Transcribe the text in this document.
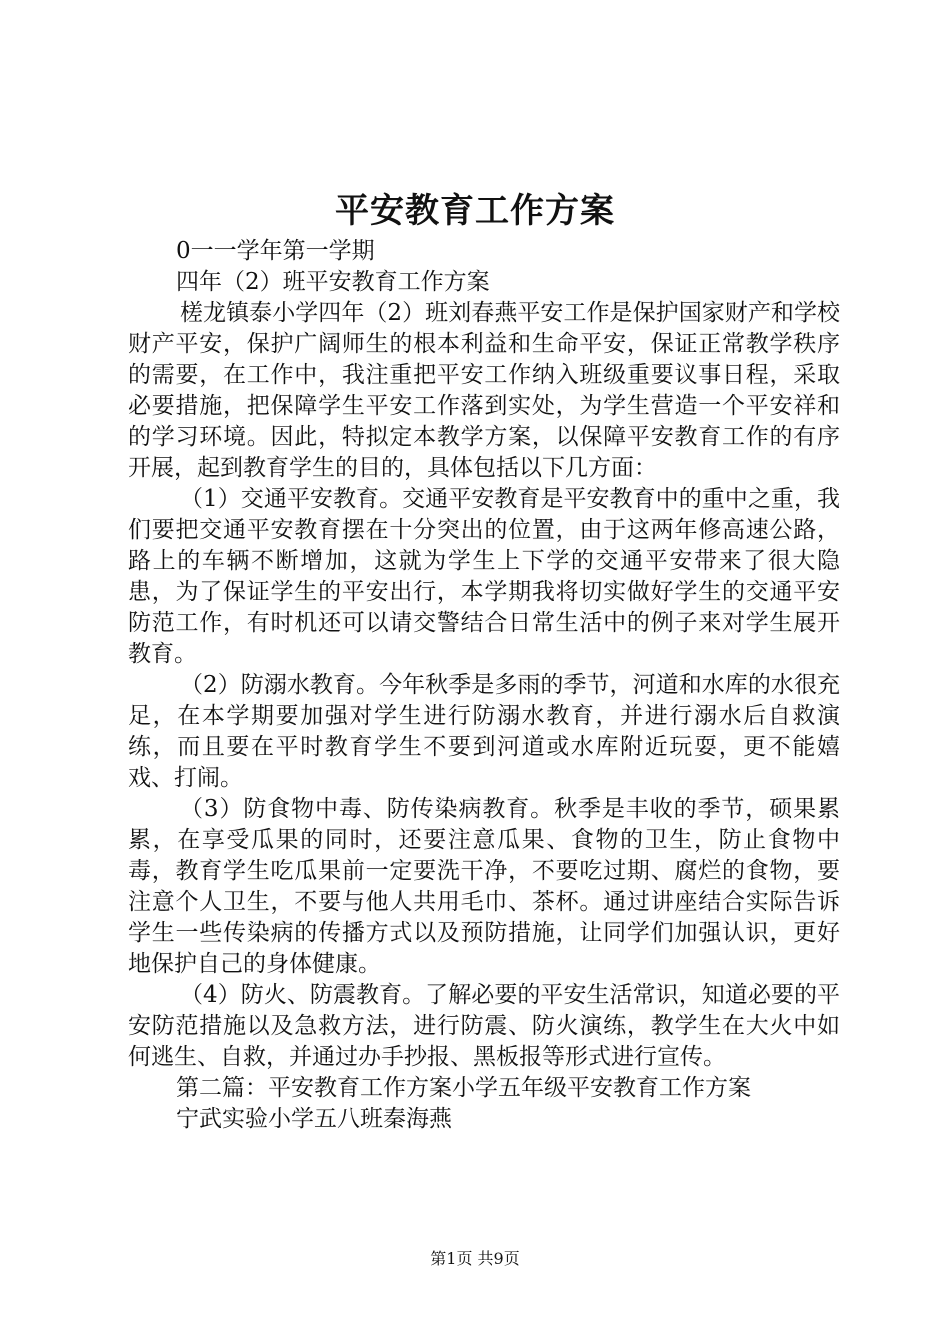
平安教育工作方案

0一一学年第一学期

四年（2）班平安教育工作方案

槎龙镇泰小学四年（2）班刘春燕平安工作是保护国家财产和学校财产平安，保护广阔师生的根本利益和生命平安，保证正常教学秩序的需要，在工作中，我注重把平安工作纳入班级重要议事日程，采取必要措施，把保障学生平安工作落到实处，为学生营造一个平安祥和的学习环境。因此，特拟定本教学方案，以保障平安教育工作的有序开展，起到教育学生的目的，具体包括以下几方面：

（1）交通平安教育。交通平安教育是平安教育中的重中之重，我们要把交通平安教育摆在十分突出的位置，由于这两年修高速公路，路上的车辆不断增加，这就为学生上下学的交通平安带来了很大隐患，为了保证学生的平安出行，本学期我将切实做好学生的交通平安防范工作，有时机还可以请交警结合日常生活中的例子来对学生展开教育。

（2）防溺水教育。今年秋季是多雨的季节，河道和水库的水很充足，在本学期要加强对学生进行防溺水教育，并进行溺水后自救演练，而且要在平时教育学生不要到河道或水库附近玩耍，更不能嬉戏、打闹。

（3）防食物中毒、防传染病教育。秋季是丰收的季节，硕果累累，在享受瓜果的同时，还要注意瓜果、食物的卫生，防止食物中毒，教育学生吃瓜果前一定要洗干净，不要吃过期、腐烂的食物，要注意个人卫生，不要与他人共用毛巾、茶杯。通过讲座结合实际告诉学生一些传染病的传播方式以及预防措施，让同学们加强认识，更好地保护自己的身体健康。

（4）防火、防震教育。了解必要的平安生活常识，知道必要的平安防范措施以及急救方法，进行防震、防火演练，教学生在大火中如何逃生、自救，并通过办手抄报、黑板报等形式进行宣传。

第二篇：平安教育工作方案小学五年级平安教育工作方案

宁武实验小学五八班秦海燕

第1页 共9页
